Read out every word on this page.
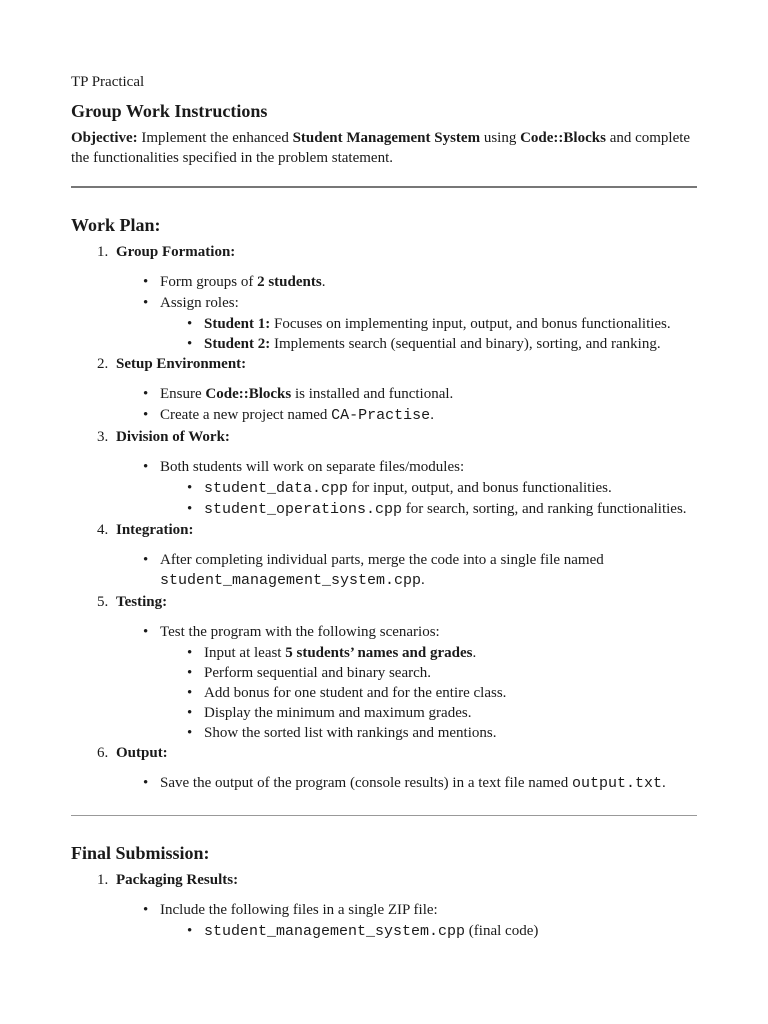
TP Practical
Group Work Instructions

Objective: Implement the enhanced Student Management System using Code::Blocks and complete the functionalities specified in the problem statement.

Work Plan:
1. Group Formation:
• Form groups of 2 students.
• Assign roles:
• Student 1: Focuses on implementing input, output, and bonus functionalities.
• Student 2: Implements search (sequential and binary), sorting, and ranking.
2. Setup Environment:
• Ensure Code::Blocks is installed and functional.
• Create a new project named CA-Practise.
3. Division of Work:
• Both students will work on separate files/modules:
• student_data.cpp for input, output, and bonus functionalities.
• student_operations.cpp for search, sorting, and ranking functionalities.
4. Integration:
• After completing individual parts, merge the code into a single file named
student_management_system.cpp.
5. Testing:
• Test the program with the following scenarios:
• Input at least 5 students’ names and grades.
• Perform sequential and binary search.
• Add bonus for one student and for the entire class.
• Display the minimum and maximum grades.
• Show the sorted list with rankings and mentions.
6. Output:
• Save the output of the program (console results) in a text file named output.txt.
Final Submission:
1. Packaging Results:
• Include the following files in a single ZIP file:
• student_management_system.cpp (final code)
